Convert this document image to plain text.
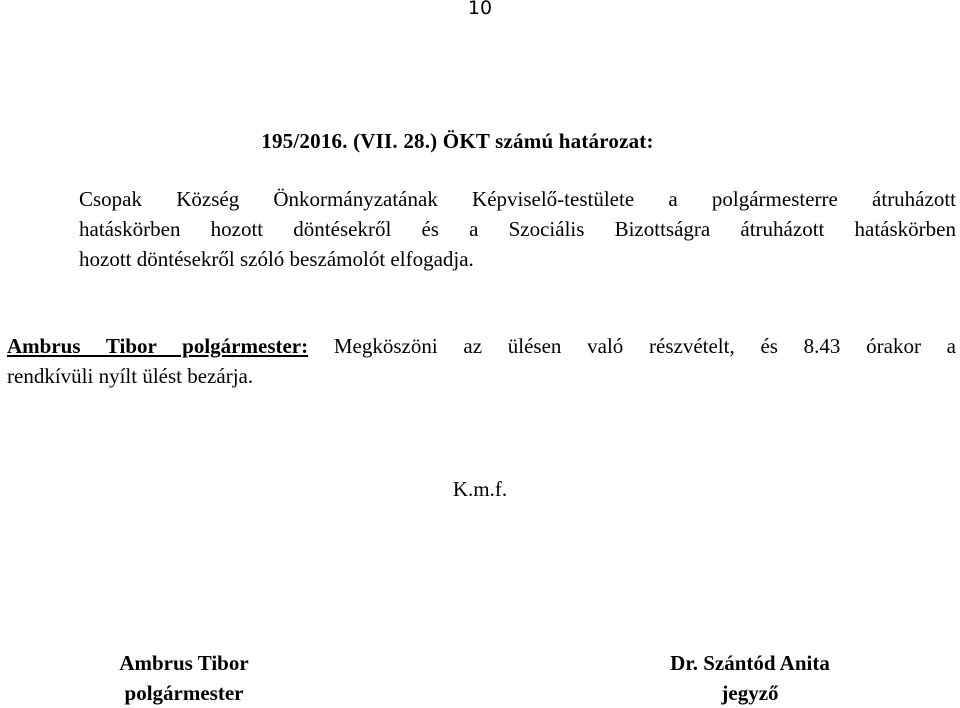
10
195/2016. (VII. 28.) ÖKT számú határozat:
Csopak Község Önkormányzatának Képviselő-testülete a polgármesterre átruházott
hatáskörben hozott döntésekről és a Szociális Bizottságra átruházott hatáskörben
hozott döntésekről szóló beszámolót elfogadja.
Ambrus Tibor polgármester: Megköszöni az ülésen való részvételt, és 8.43 órakor a
rendkívüli nyílt ülést bezárja.
K.m.f.
Ambrus Tibor
polgármester
Dr. Szántód Anita
jegyző
